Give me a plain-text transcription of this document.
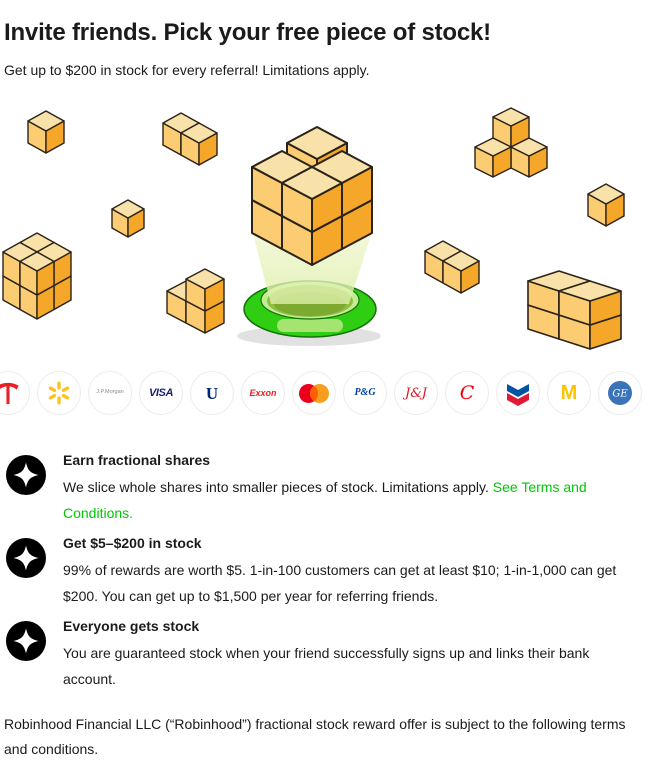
Invite friends. Pick your free piece of stock!

Get up to $200 in stock for every referral! Limitations apply.

J.P.Morgan VISA U	Exxon	P&G J&J C	M	GE
Earn fractional shares

We slice whole shares into smaller pieces of stock. Limitations apply. See Terms and Conditions.

Get $5–$200 in stock

99% of rewards are worth $5. 1-in-100 customers can get at least $10; 1-in-1,000 can get $200. You can get up to $1,500 per year for referring friends.

Everyone gets stock

You are guaranteed stock when your friend successfully signs up and links their bank account.

Robinhood Financial LLC (“Robinhood”) fractional stock reward offer is subject to the following terms and conditions.
